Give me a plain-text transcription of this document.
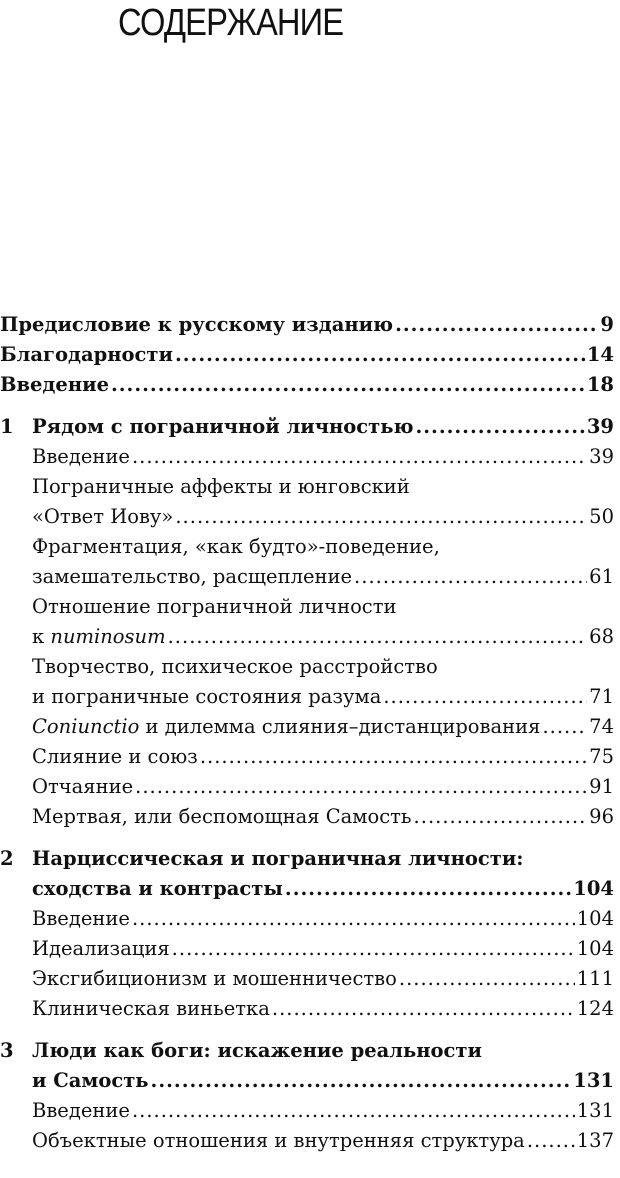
СОДЕРЖАНИЕ
Предисловие к русскому изданию .....	9
Благодарности .....	14
Введение .....	18
1 Рядом с пограничной личностью .....	39
Введение .....	39
Пограничные аффекты и юнговский
«Ответ Иову» .....	50
Фрагментация, «как будто»-поведение,
замешательство, расщепление .....	61
Отношение пограничной личности
к numinosum .....	68
Творчество, психическое расстройство
и пограничные состояния разума .....	71
Coniunctio и дилемма слияния–дистанцирования ..... 74
Слияние и союз .....	75
Отчаяние .....	91
Мертвая, или беспомощная Самость .....	96
2 Нарциссическая и пограничная личности:
сходства и контрасты .....	104
Введение .....	104
Идеализация .....	104
Эксгибиционизм и мошенничество .....	111
Клиническая виньетка .....	124
3 Люди как боги: искажение реальности
и Самость .....	131
Введение .....	131
Объектные отношения и внутренняя структура .....	137
